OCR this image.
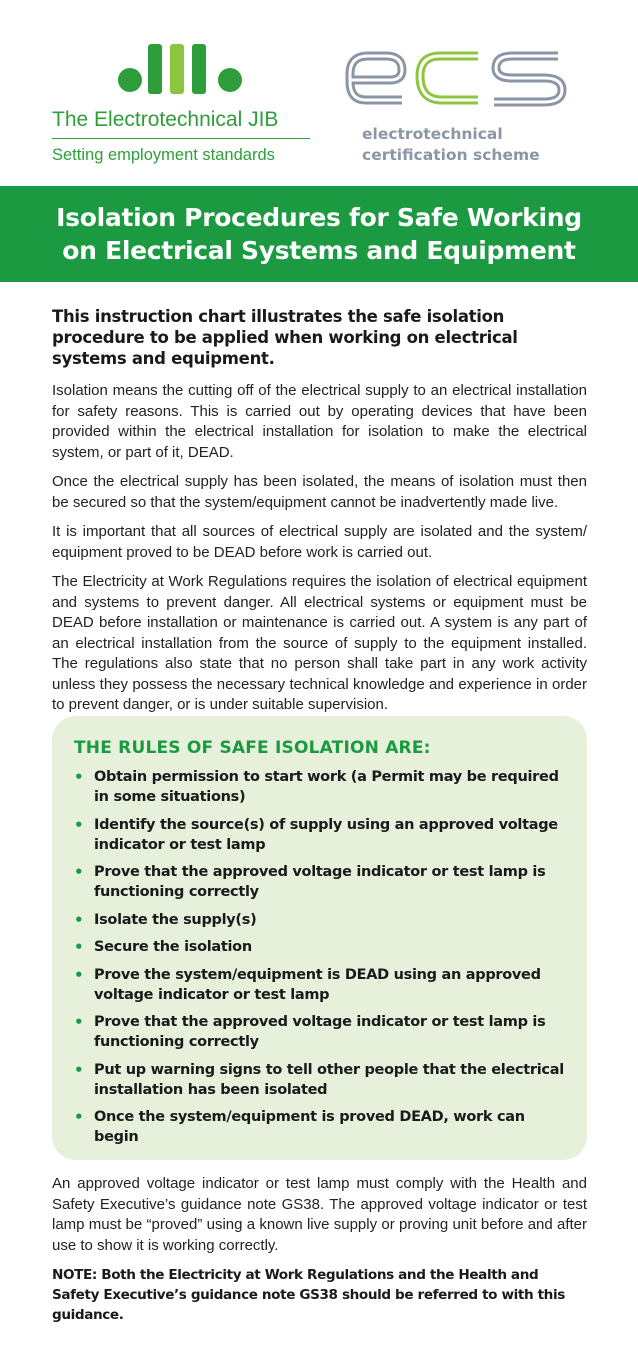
The Electrotechnical JIB
Setting employment standards
electrotechnical
certification scheme
Isolation Procedures for Safe Working
on Electrical Systems and Equipment

This instruction chart illustrates the safe isolation procedure to be applied when working on electrical systems and equipment.

Isolation means the cutting off of the electrical supply to an electrical installation for safety reasons. This is carried out by operating devices that have been provided within the electrical installation for isolation to make the electrical system, or part of it, DEAD.

Once the electrical supply has been isolated, the means of isolation must then be secured so that the system/equipment cannot be inadvertently made live.

It is important that all sources of electrical supply are isolated and the system/ equipment proved to be DEAD before work is carried out.

The Electricity at Work Regulations requires the isolation of electrical equipment and systems to prevent danger. All electrical systems or equipment must be DEAD before installation or maintenance is carried out. A system is any part of an electrical installation from the source of supply to the equipment installed. The regulations also state that no person shall take part in any work activity unless they possess the necessary technical knowledge and experience in order to prevent danger, or is under suitable supervision.

THE RULES OF SAFE ISOLATION ARE:
• Obtain permission to start work (a Permit may be required in some situations)
• Identify the source(s) of supply using an approved voltage indicator or test lamp
• Prove that the approved voltage indicator or test lamp is functioning correctly
• Isolate the supply(s)
• Secure the isolation
• Prove the system/equipment is DEAD using an approved voltage indicator or test lamp
• Prove that the approved voltage indicator or test lamp is functioning correctly
• Put up warning signs to tell other people that the electrical installation has been isolated
• Once the system/equipment is proved DEAD, work can begin

An approved voltage indicator or test lamp must comply with the Health and Safety Executive’s guidance note GS38. The approved voltage indicator or test lamp must be “proved” using a known live supply or proving unit before and after use to show it is working correctly.

NOTE: Both the Electricity at Work Regulations and the Health and Safety Executive’s guidance note GS38 should be referred to with this guidance.
